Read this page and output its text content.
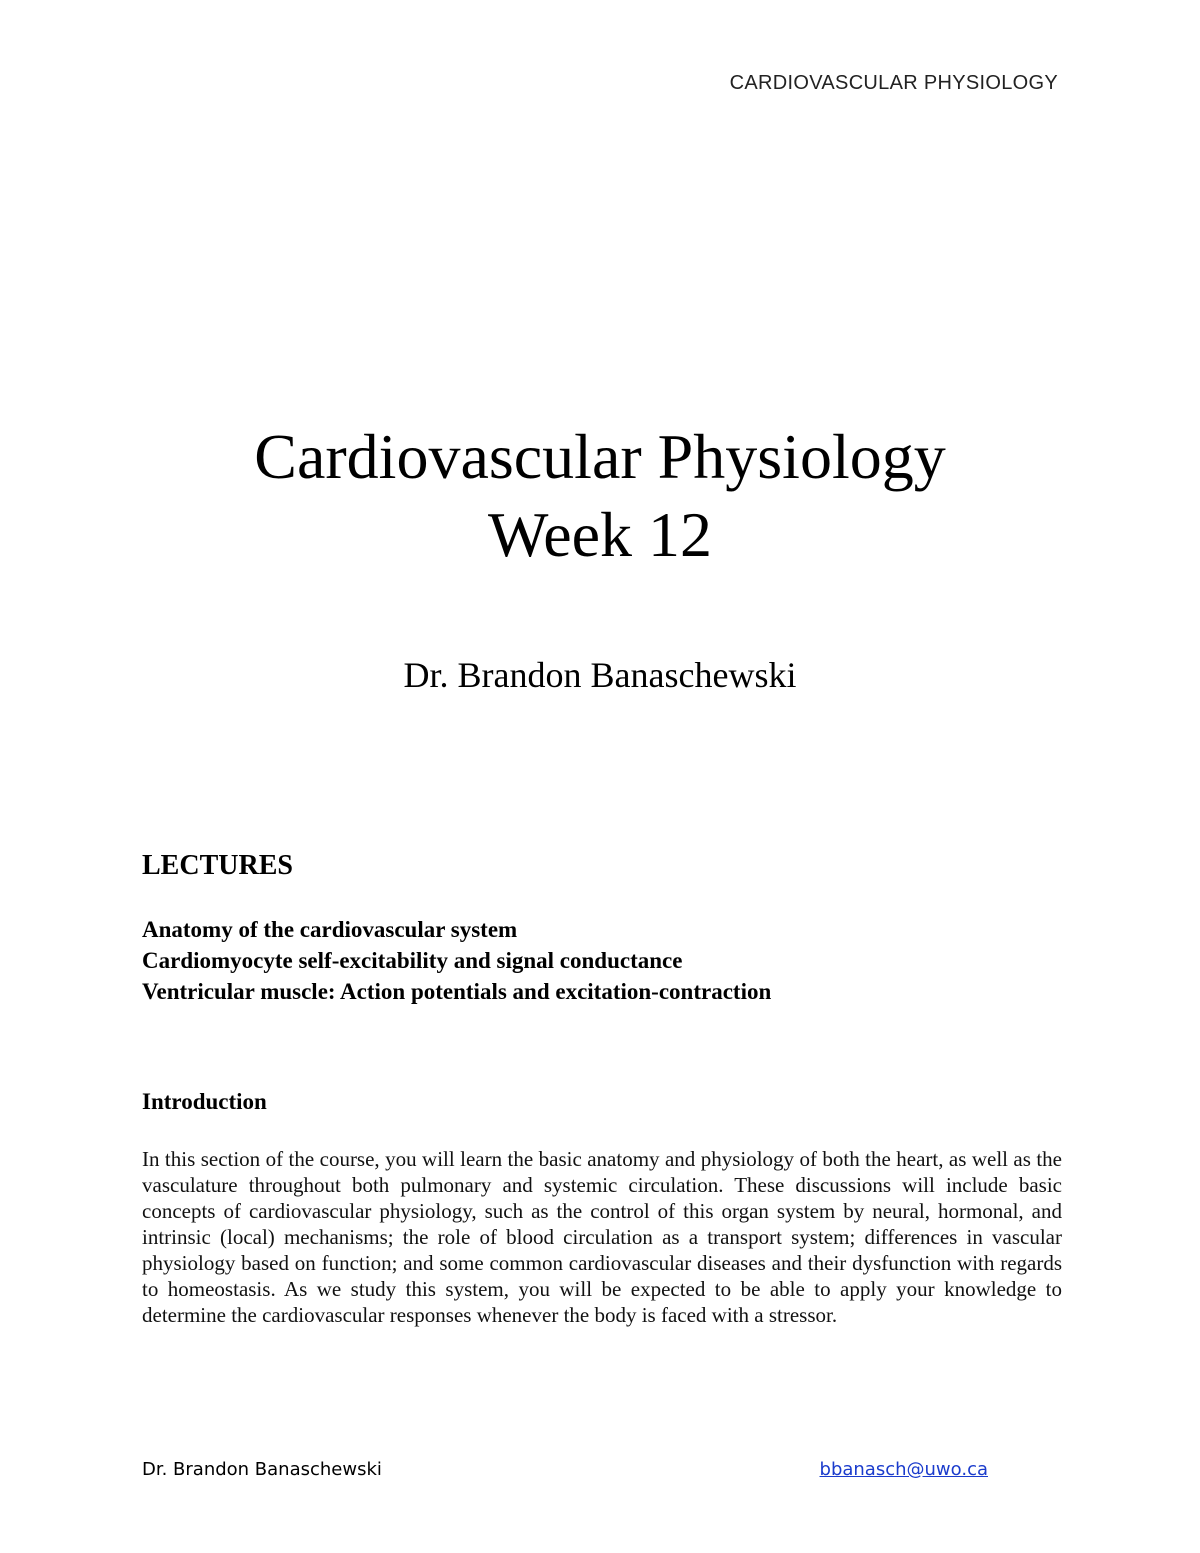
CARDIOVASCULAR PHYSIOLOGY
Cardiovascular Physiology
Week 12
Dr. Brandon Banaschewski
LECTURES
Anatomy of the cardiovascular system
Cardiomyocyte self-excitability and signal conductance
Ventricular muscle: Action potentials and excitation-contraction
Introduction

In this section of the course, you will learn the basic anatomy and physiology of both the heart, as well as the vasculature throughout both pulmonary and systemic circulation. These discussions will include basic concepts of cardiovascular physiology, such as the control of this organ system by neural, hormonal, and intrinsic (local) mechanisms; the role of blood circulation as a transport system; differences in vascular physiology based on function; and some common cardiovascular diseases and their dysfunction with regards to homeostasis. As we study this system, you will be expected to be able to apply your knowledge to determine the cardiovascular responses whenever the body is faced with a stressor.

Dr. Brandon Banaschewski	bbanasch@uwo.ca
